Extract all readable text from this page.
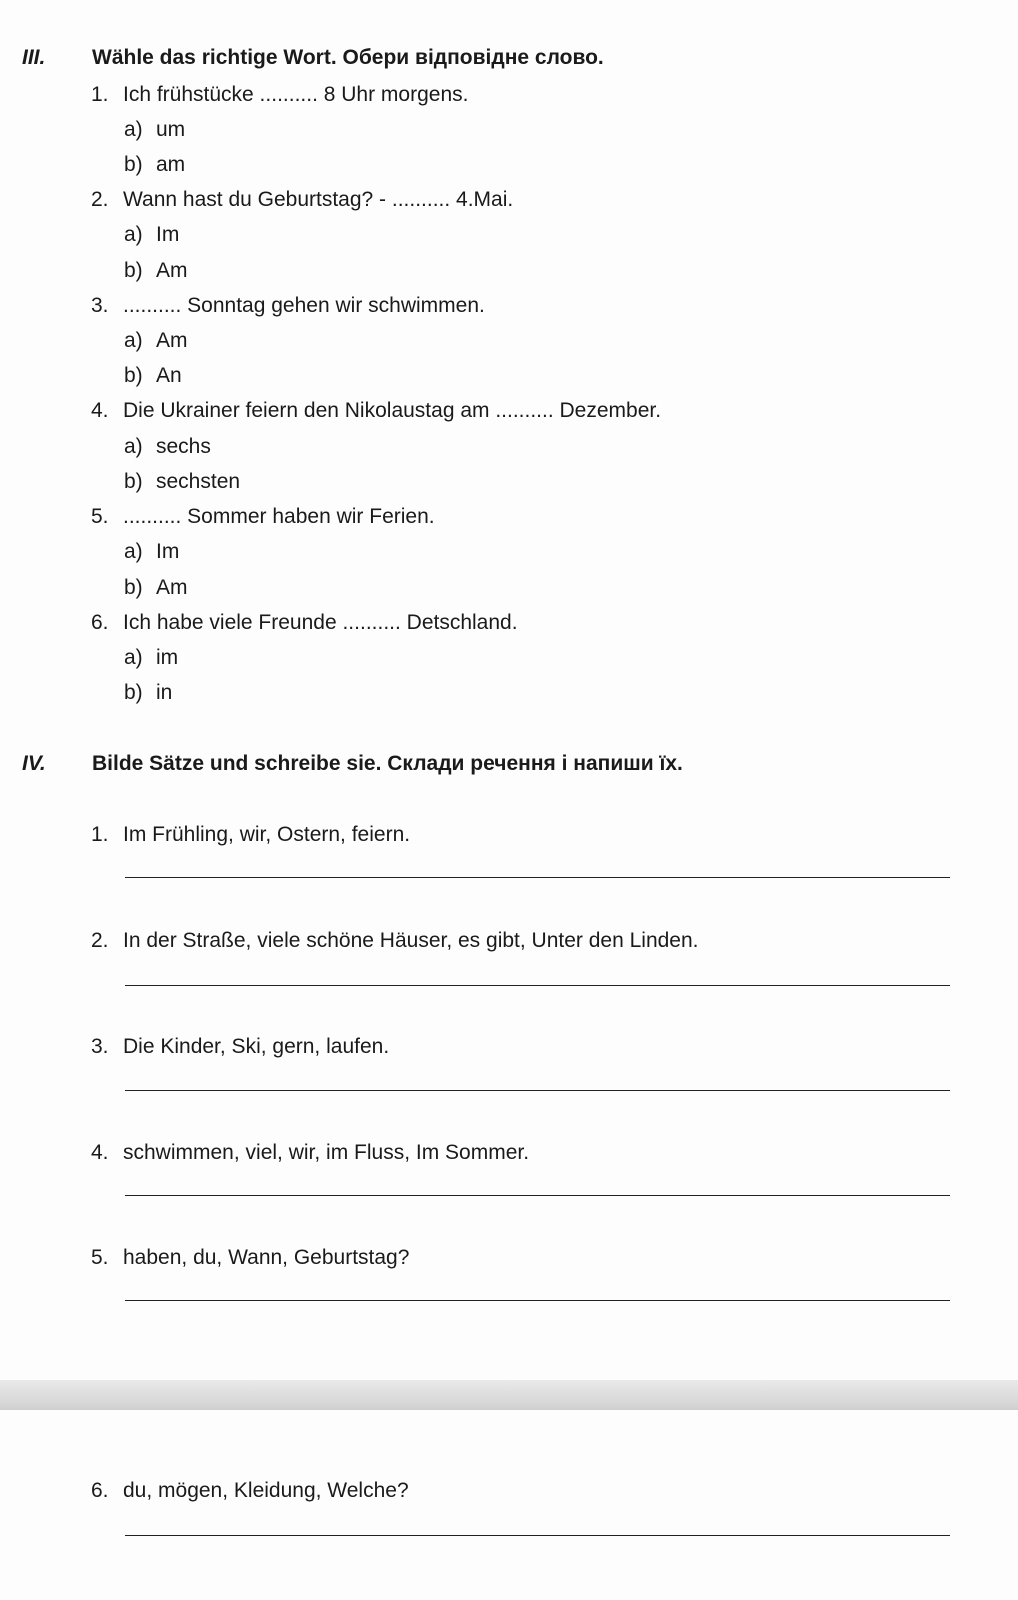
III. Wähle das richtige Wort. Обери відповідне слово.
1. Ich frühstücke .......... 8 Uhr morgens.
a) um
b) am
2. Wann hast du Geburtstag? - .......... 4.Mai.
a) Im
b) Am
3. .......... Sonntag gehen wir schwimmen.
a) Am
b) An
4. Die Ukrainer feiern den Nikolaustag am .......... Dezember.
a) sechs
b) sechsten
5. .......... Sommer haben wir Ferien.
a) Im
b) Am
6. Ich habe viele Freunde .......... Detschland.
a) im
b) in
IV. Bilde Sätze und schreibe sie. Склади речення і напиши їх.
1. Im Frühling, wir, Ostern, feiern.
2. In der Straße, viele schöne Häuser, es gibt, Unter den Linden.
3. Die Kinder, Ski, gern, laufen.
4. schwimmen, viel, wir, im Fluss, Im Sommer.
5. haben, du, Wann, Geburtstag?
6. du, mögen, Kleidung, Welche?
